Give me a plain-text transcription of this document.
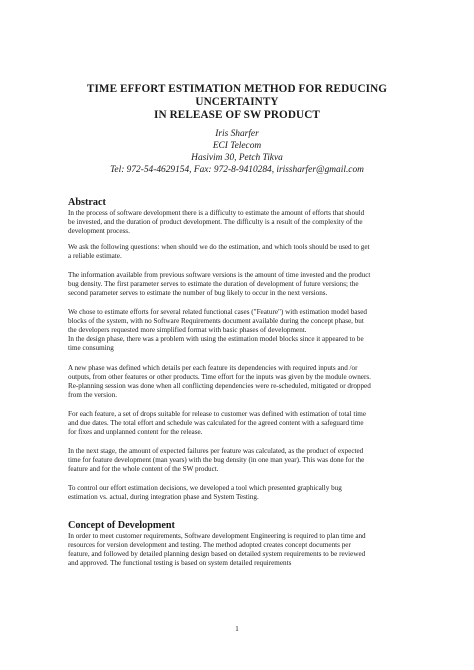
TIME EFFORT ESTIMATION METHOD FOR REDUCING
UNCERTAINTY
IN RELEASE OF SW PRODUCT
Iris Sharfer
ECI Telecom
Hasivim 30, Petch Tikva
Tel: 972-54-4629154, Fax: 972-8-9410284, irissharfer@gmail.com
Abstract
In the process of software development there is a difficulty to estimate the amount of efforts that should
be invested, and the duration of product development. The difficulty is a result of the complexity of the
development process.
We ask the following questions: when should we do the estimation, and which tools should be used to get
a reliable estimate.
The information available from previous software versions is the amount of time invested and the product
bug density. The first parameter serves to estimate the duration of development of future versions; the
second parameter serves to estimate the number of bug likely to occur in the next versions.
We chose to estimate efforts for several related functional cases ("Feature") with estimation model based
blocks of the system, with no Software Requirements document available during the concept phase, but
the developers requested more simplified format with basic phases of development.
In the design phase, there was a problem with using the estimation model blocks since it appeared to be
time consuming
A new phase was defined which details per each feature its dependencies with required inputs and /or
outputs, from other features or other products. Time effort for the inputs was given by the module owners.
Re-planning session was done when all conflicting dependencies were re-scheduled, mitigated or dropped
from the version.
For each feature, a set of drops suitable for release to customer was defined with estimation of total time
and due dates. The total effort and schedule was calculated for the agreed content with a safeguard time
for fixes and unplanned content for the release.
In the next stage, the amount of expected failures per feature was calculated, as the product of expected
time for feature development (man years) with the bug density (in one man year). This was done for the
feature and for the whole content of the SW product.
To control our effort estimation decisions, we developed a tool which presented graphically bug
estimation vs. actual, during integration phase and System Testing.
Concept of Development
In order to meet customer requirements, Software development Engineering is required to plan time and
resources for version development and testing. The method adopted creates concept documents per
feature, and followed by detailed planning design based on detailed system requirements to be reviewed
and approved. The functional testing is based on system detailed requirements
1
